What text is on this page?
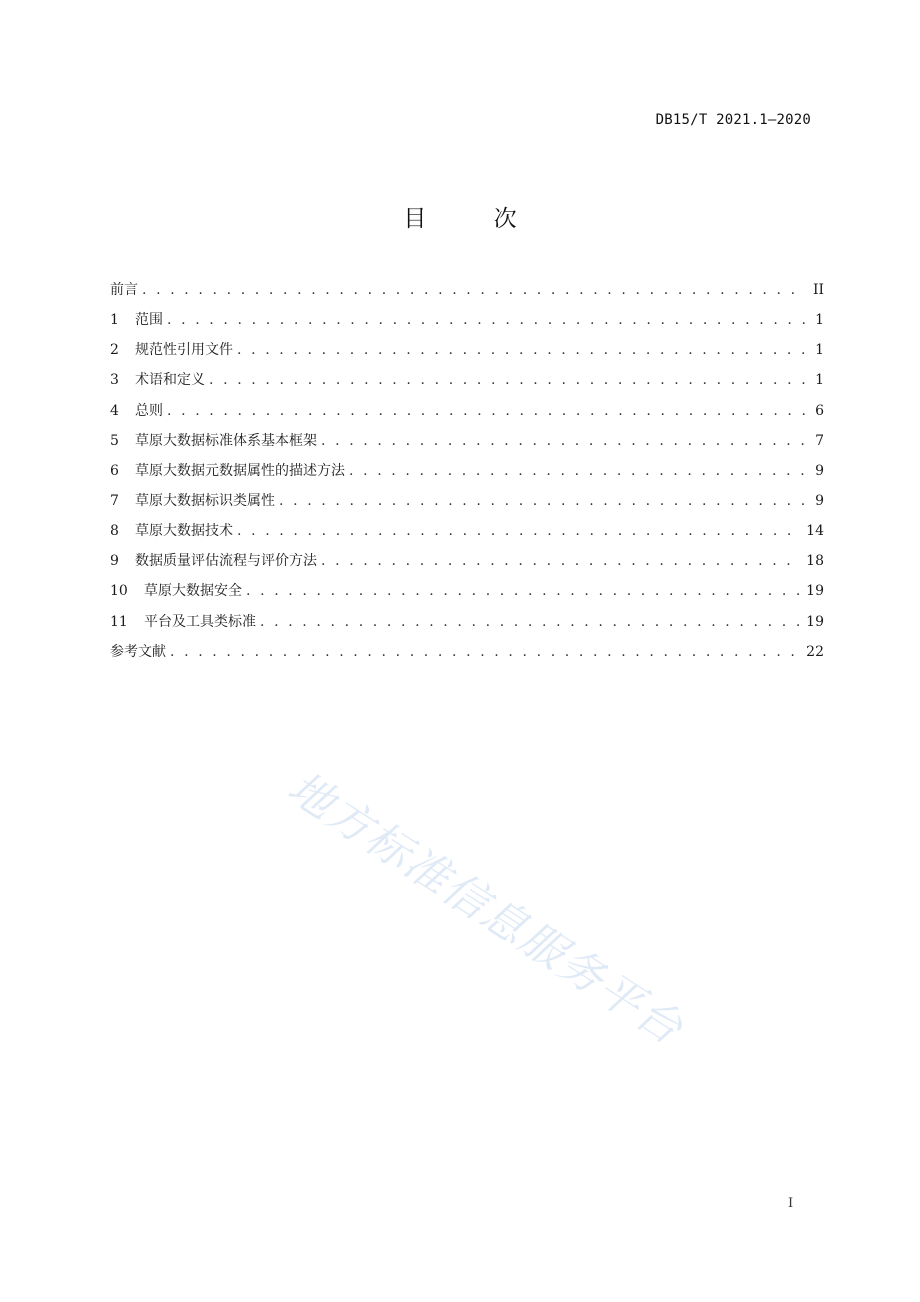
DB15/T 2021.1—2020
目 次
前言 . . .	II
1	范围 . . .	1
2	规范性引用文件 . . .	1
3	术语和定义 . . .	1
4	总则 . . .	6
5	草原大数据标准体系基本框架 . . .	7
6	草原大数据元数据属性的描述方法 . . .	9
7	草原大数据标识类属性 . . .	9
8	草原大数据技术 . . .	14
9	数据质量评估流程与评价方法 . . .	18
10	草原大数据安全 . . .	19
11	平台及工具类标准 . . .	19
参考文献 . . .	22
地方标准信息服务平台
I
